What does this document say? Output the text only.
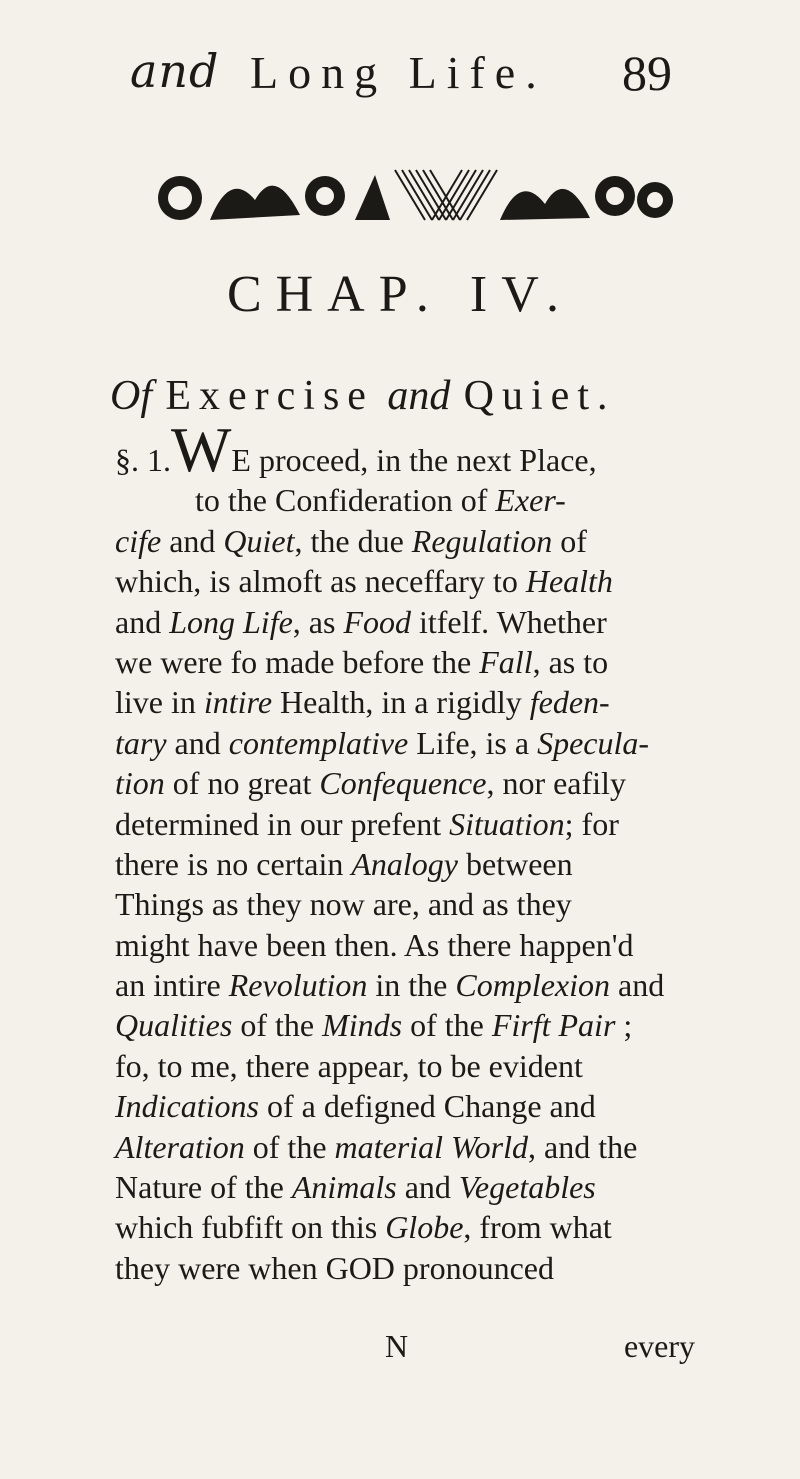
and Long Life. 89
CHAP. IV.
Of Exercise and Quiet.
§. 1.WE proceed, in the next Place,
to the Confideration of Exer-
cife and Quiet, the due Regulation of
which, is almoft as neceffary to Health
and Long Life, as Food itfelf. Whether
we were fo made before the Fall, as to
live in intire Health, in a rigidly feden-
tary and contemplative Life, is a Specula-
tion of no great Confequence, nor eafily
determined in our prefent Situation; for
there is no certain Analogy between
Things as they now are, and as they
might have been then. As there happen'd
an intire Revolution in the Complexion and
Qualities of the Minds of the Firft Pair ;
fo, to me, there appear, to be evident
Indications of a defigned Change and
Alteration of the material World, and the
Nature of the Animals and Vegetables
which fubfift on this Globe, from what
they were when GOD pronounced
N	every
